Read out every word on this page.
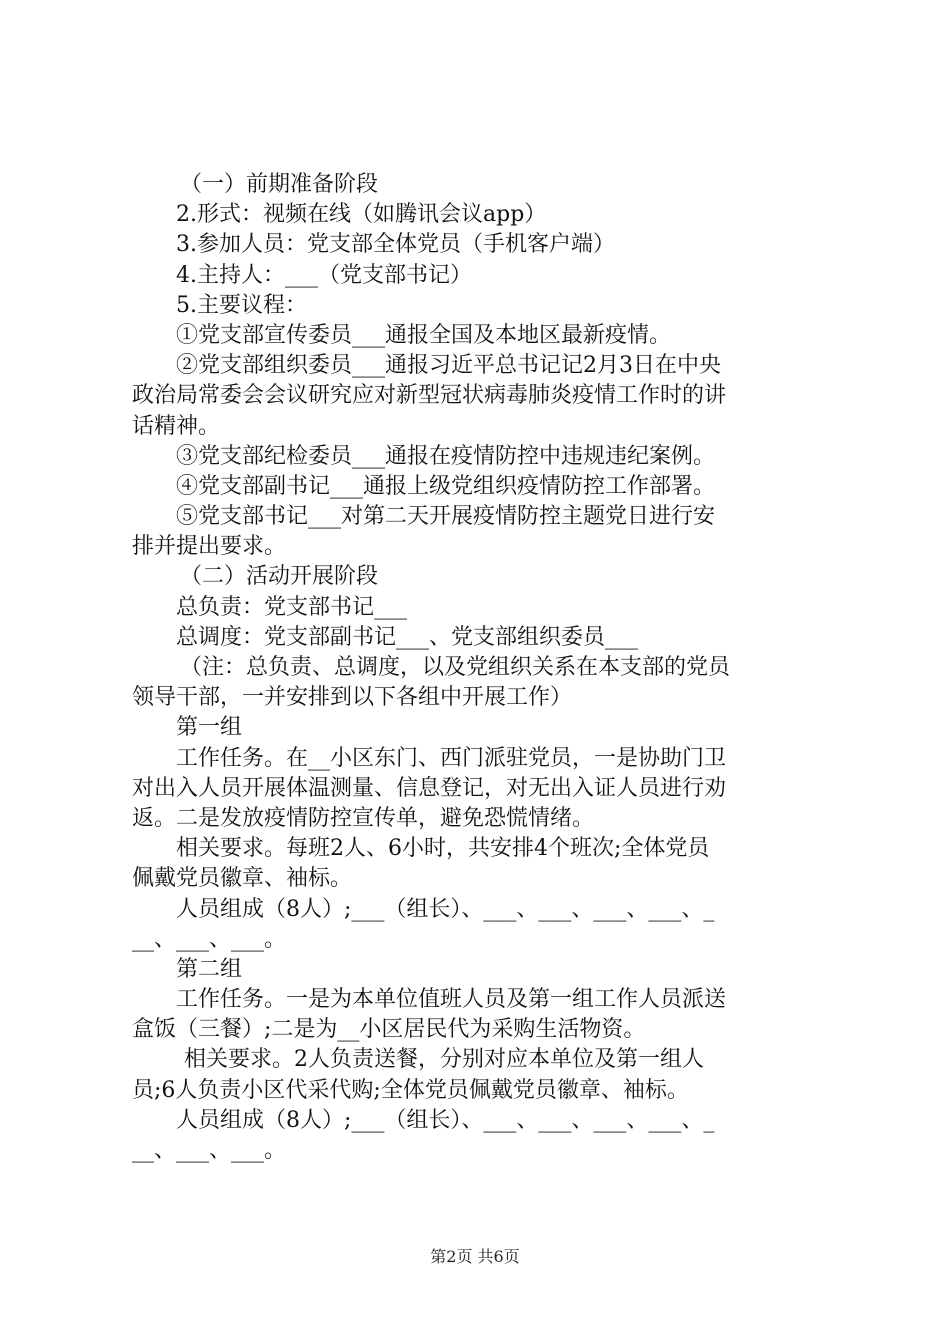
（一）前期准备阶段
2.形式：视频在线（如腾讯会议app）
3.参加人员：党支部全体党员（手机客户端）
4.主持人：___（党支部书记）
5.主要议程：
①党支部宣传委员___通报全国及本地区最新疫情。
②党支部组织委员___通报习近平总书记记2月3日在中央
政治局常委会会议研究应对新型冠状病毒肺炎疫情工作时的讲
话精神。
③党支部纪检委员___通报在疫情防控中违规违纪案例。
④党支部副书记___通报上级党组织疫情防控工作部署。
⑤党支部书记___对第二天开展疫情防控主题党日进行安
排并提出要求。
（二）活动开展阶段
总负责：党支部书记___
总调度：党支部副书记___、党支部组织委员___
（注：总负责、总调度，以及党组织关系在本支部的党员
领导干部，一并安排到以下各组中开展工作）
第一组
工作任务。在__小区东门、西门派驻党员，一是协助门卫
对出入人员开展体温测量、信息登记，对无出入证人员进行劝
返。二是发放疫情防控宣传单，避免恐慌情绪。
相关要求。每班2人、6小时，共安排4个班次;全体党员
佩戴党员徽章、袖标。
人员组成（8人）;___（组长）、___、___、___、___、_
__、___、___。
第二组
工作任务。一是为本单位值班人员及第一组工作人员派送
盒饭（三餐）;二是为__小区居民代为采购生活物资。
相关要求。2人负责送餐，分别对应本单位及第一组人
员;6人负责小区代采代购;全体党员佩戴党员徽章、袖标。
人员组成（8人）;___（组长）、___、___、___、___、_
__、___、___。
第2页 共6页
